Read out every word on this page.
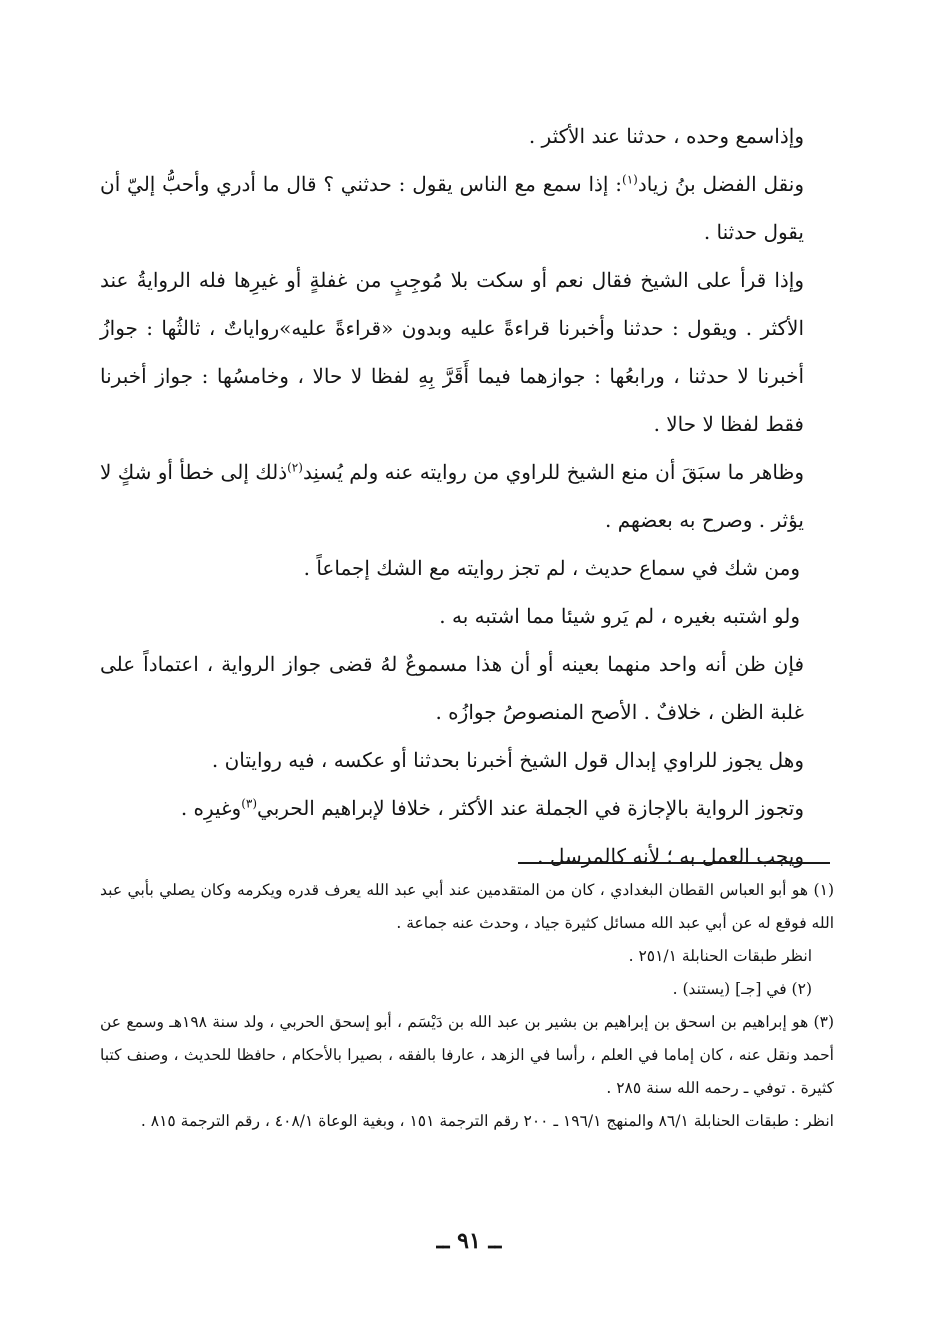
وإذاسمع وحده ، حدثنا عند الأكثر .

ونقل الفضل بنُ زياد$^{(١)}$: إذا سمع مع الناس يقول : حدثني ؟ قال ما أدري وأحبُّ إليّ أن يقول حدثنا .

وإذا قرأ على الشيخ فقال نعم أو سكت بلا مُوجِبٍ من غفلةٍ أو غيرِها فله الروايةُ عند الأكثر . ويقول : حدثنا وأخبرنا قراءةً عليه وبدون «قراءةً عليه»رواياتٌ ، ثالثُها : جوازُ أخبرنا لا حدثنا ، ورابعُها : جوازهما فيما أَقَرَّ بِهِ لفظا لا حالا ، وخامسُها : جواز أخبرنا فقط لفظا لا حالا .

وظاهر ما سبَقَ أن منع الشيخ للراوي من روايته عنه ولم يُسنِد$^{(٢)}$ذلك إلى خطأ أو شكٍ لا يؤثر . وصرح به بعضهم .

ومن شك في سماع حديث ، لم تجز روايته مع الشك إجماعاً .

ولو اشتبه بغيره ، لم يَرو شيئا مما اشتبه به .

فإن ظن أنه واحد منهما بعينه أو أن هذا مسموعٌ لهُ قضى جواز الرواية ، اعتماداً على غلبة الظن ، خلافٌ . الأصح المنصوصُ جوازُه .

وهل يجوز للراوي إبدال قول الشيخ أخبرنا بحدثنا أو عكسه ، فيه روايتان .

وتجوز الرواية بالإجازة في الجملة عند الأكثر ، خلافا لإبراهيم الحربي$^{(٣)}$وغيرِه .

ويجب العمل به ؛ لأنه كالمرسل .

(١) هو أبو العباس القطان البغدادي ، كان من المتقدمين عند أبي عبد الله يعرف قدره ويكرمه وكان يصلي بأبي عبد الله فوقع له عن أبي عبد الله مسائل كثيرة جياد ، وحدث عنه جماعة .

انظر طبقات الحنابلة ٢٥١/١ .

(٢) في [جـ] (يستند) .

(٣) هو إبراهيم بن اسحق بن إبراهيم بن بشير بن عبد الله بن دَيْسَم ، أبو إسحق الحربي ، ولد سنة ١٩٨هـ وسمع عن أحمد ونقل عنه ، كان إماما في العلم ، رأسا في الزهد ، عارفا بالفقه ، بصيرا بالأحكام ، حافظا للحديث ، وصنف كتبا كثيرة . توفي ـ رحمه الله سنة ٢٨٥ .

انظر : طبقات الحنابلة ٨٦/١ والمنهج ١٩٦/١ ـ ٢٠٠ رقم الترجمة ١٥١ ، وبغية الوعاة ٤٠٨/١ ، رقم الترجمة ٨١٥ .

ــ ٩١ ــ
